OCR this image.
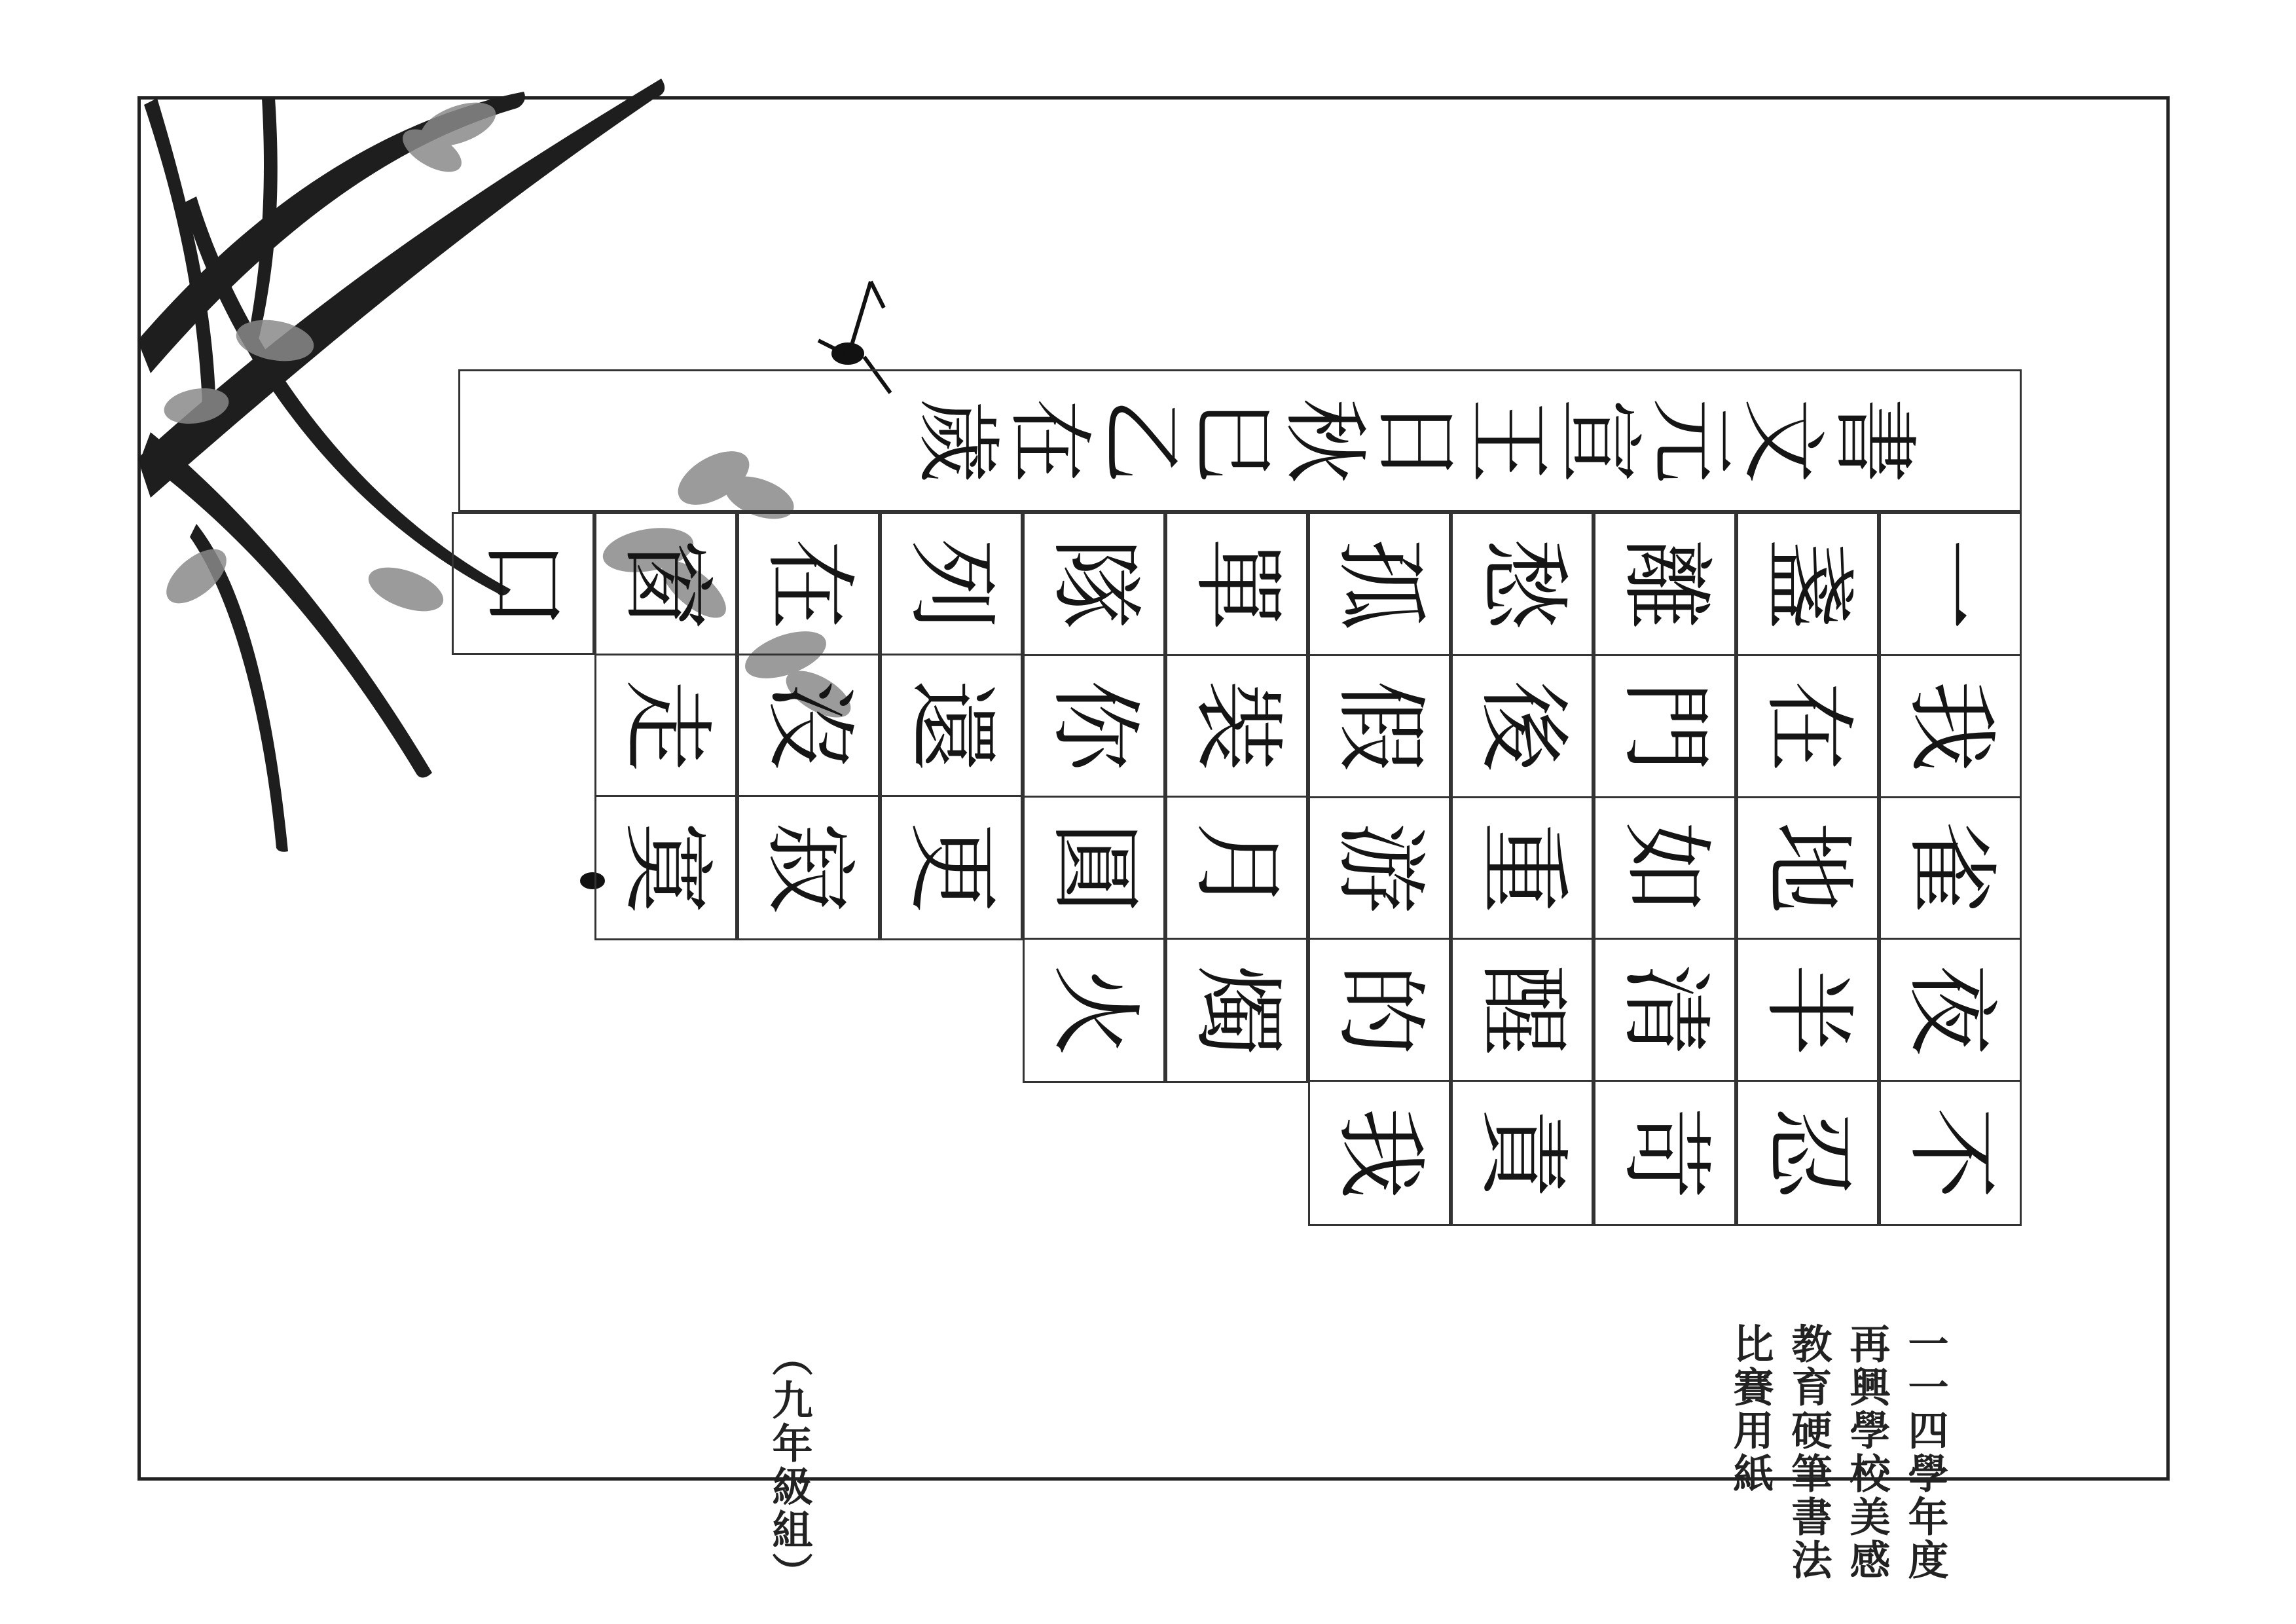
一
我
雀
夜
不
盞
在
地
半
忍
離
門
如
清
苛
愁
後
重
醒
責
孤
假
游
的
我
單
裝
月
燭
隊
你
圓
火
列
還
更
在
沒
寂
窗
走
寞
口
歲
在
乙
巳
秋
日
王
宣
元
文
書
一一四學年度再興學校美感教育硬筆書法比賽用紙
（九年級組）
